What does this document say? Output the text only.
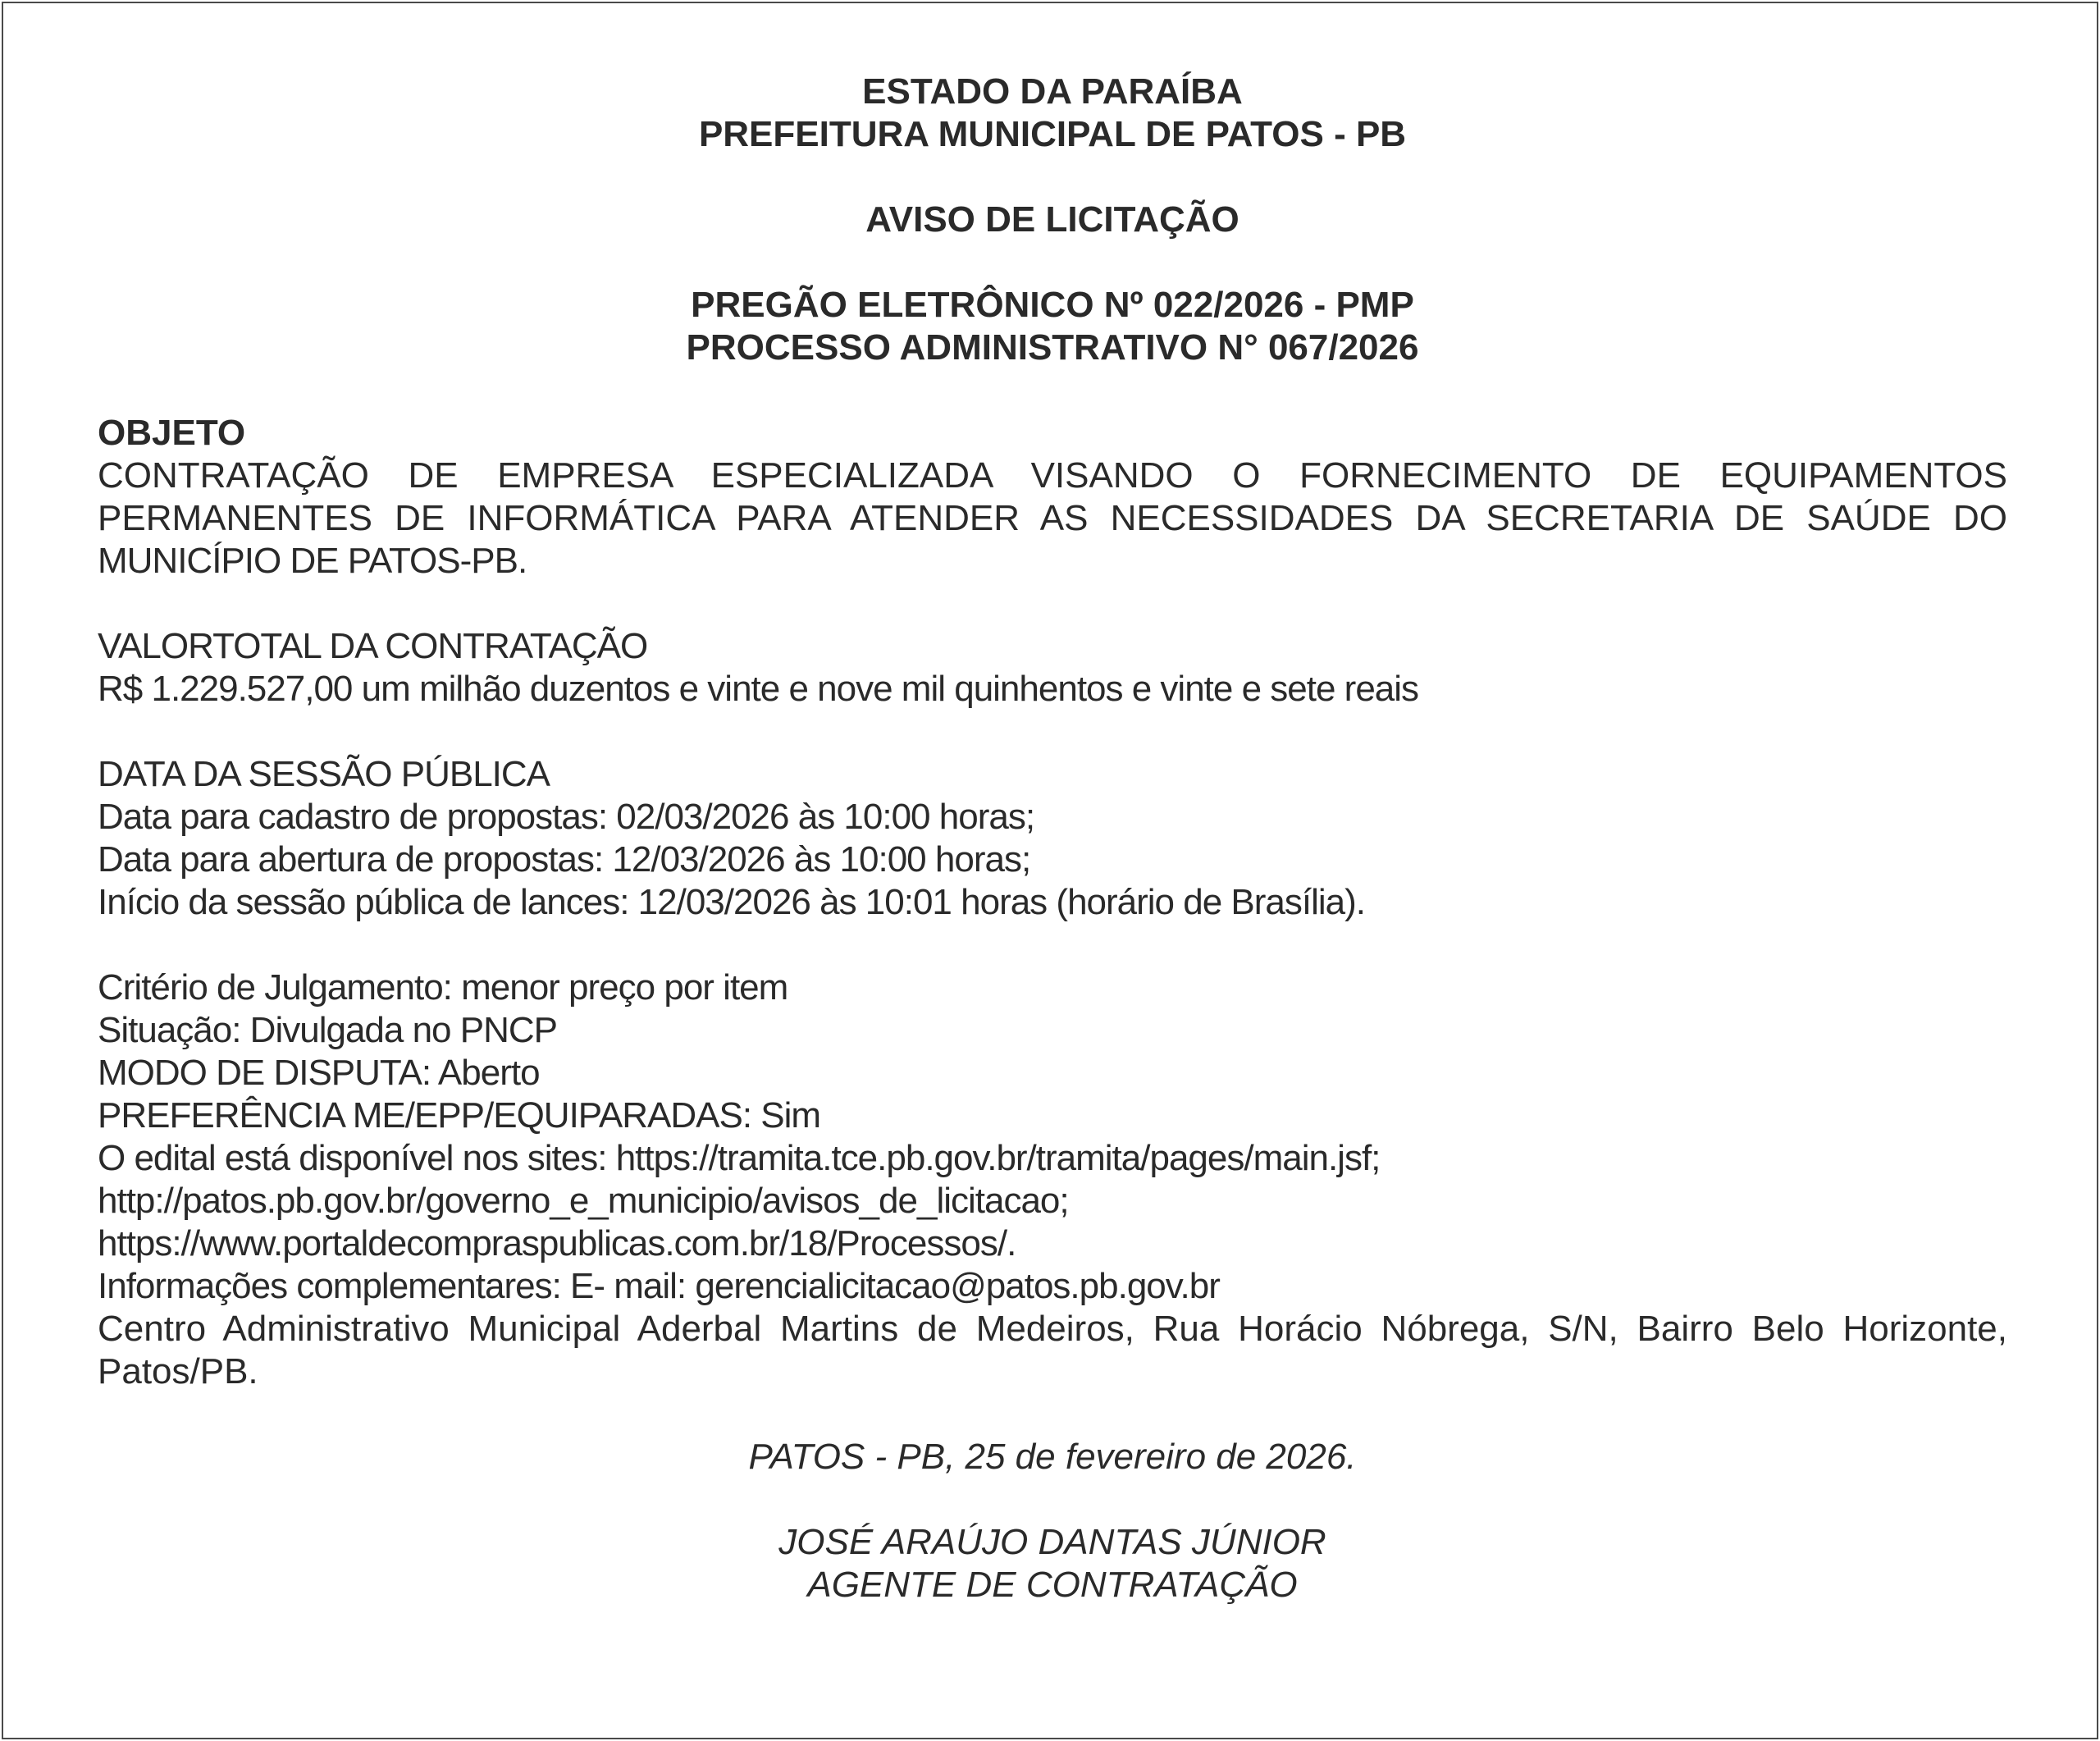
ESTADO DA PARAÍBA
PREFEITURA MUNICIPAL DE PATOS - PB
AVISO DE LICITAÇÃO
PREGÃO ELETRÔNICO Nº 022/2026 - PMP
PROCESSO ADMINISTRATIVO N° 067/2026
OBJETO
CONTRATAÇÃO DE EMPRESA ESPECIALIZADA VISANDO O FORNECIMENTO DE EQUIPAMENTOS
PERMANENTES DE INFORMÁTICA PARA ATENDER AS NECESSIDADES DA SECRETARIA DE SAÚDE DO
MUNICÍPIO DE PATOS-PB.
VALORTOTAL DA CONTRATAÇÃO
R$ 1.229.527,00 um milhão duzentos e vinte e nove mil quinhentos e vinte e sete reais
DATA DA SESSÃO PÚBLICA
Data para cadastro de propostas: 02/03/2026 às 10:00 horas;
Data para abertura de propostas: 12/03/2026 às 10:00 horas;
Início da sessão pública de lances: 12/03/2026 às 10:01 horas (horário de Brasília).
Critério de Julgamento: menor preço por item
Situação: Divulgada no PNCP
MODO DE DISPUTA: Aberto
PREFERÊNCIA ME/EPP/EQUIPARADAS: Sim
O edital está disponível nos sites: https://tramita.tce.pb.gov.br/tramita/pages/main.jsf;
http://patos.pb.gov.br/governo_e_municipio/avisos_de_licitacao;
https://www.portaldecompraspublicas.com.br/18/Processos/.
Informações complementares: E- mail: gerencialicitacao@patos.pb.gov.br
Centro Administrativo Municipal Aderbal Martins de Medeiros, Rua Horácio Nóbrega, S/N, Bairro Belo Horizonte,
Patos/PB.
PATOS - PB, 25 de fevereiro de 2026.
JOSÉ ARAÚJO DANTAS JÚNIOR
AGENTE DE CONTRATAÇÃO
